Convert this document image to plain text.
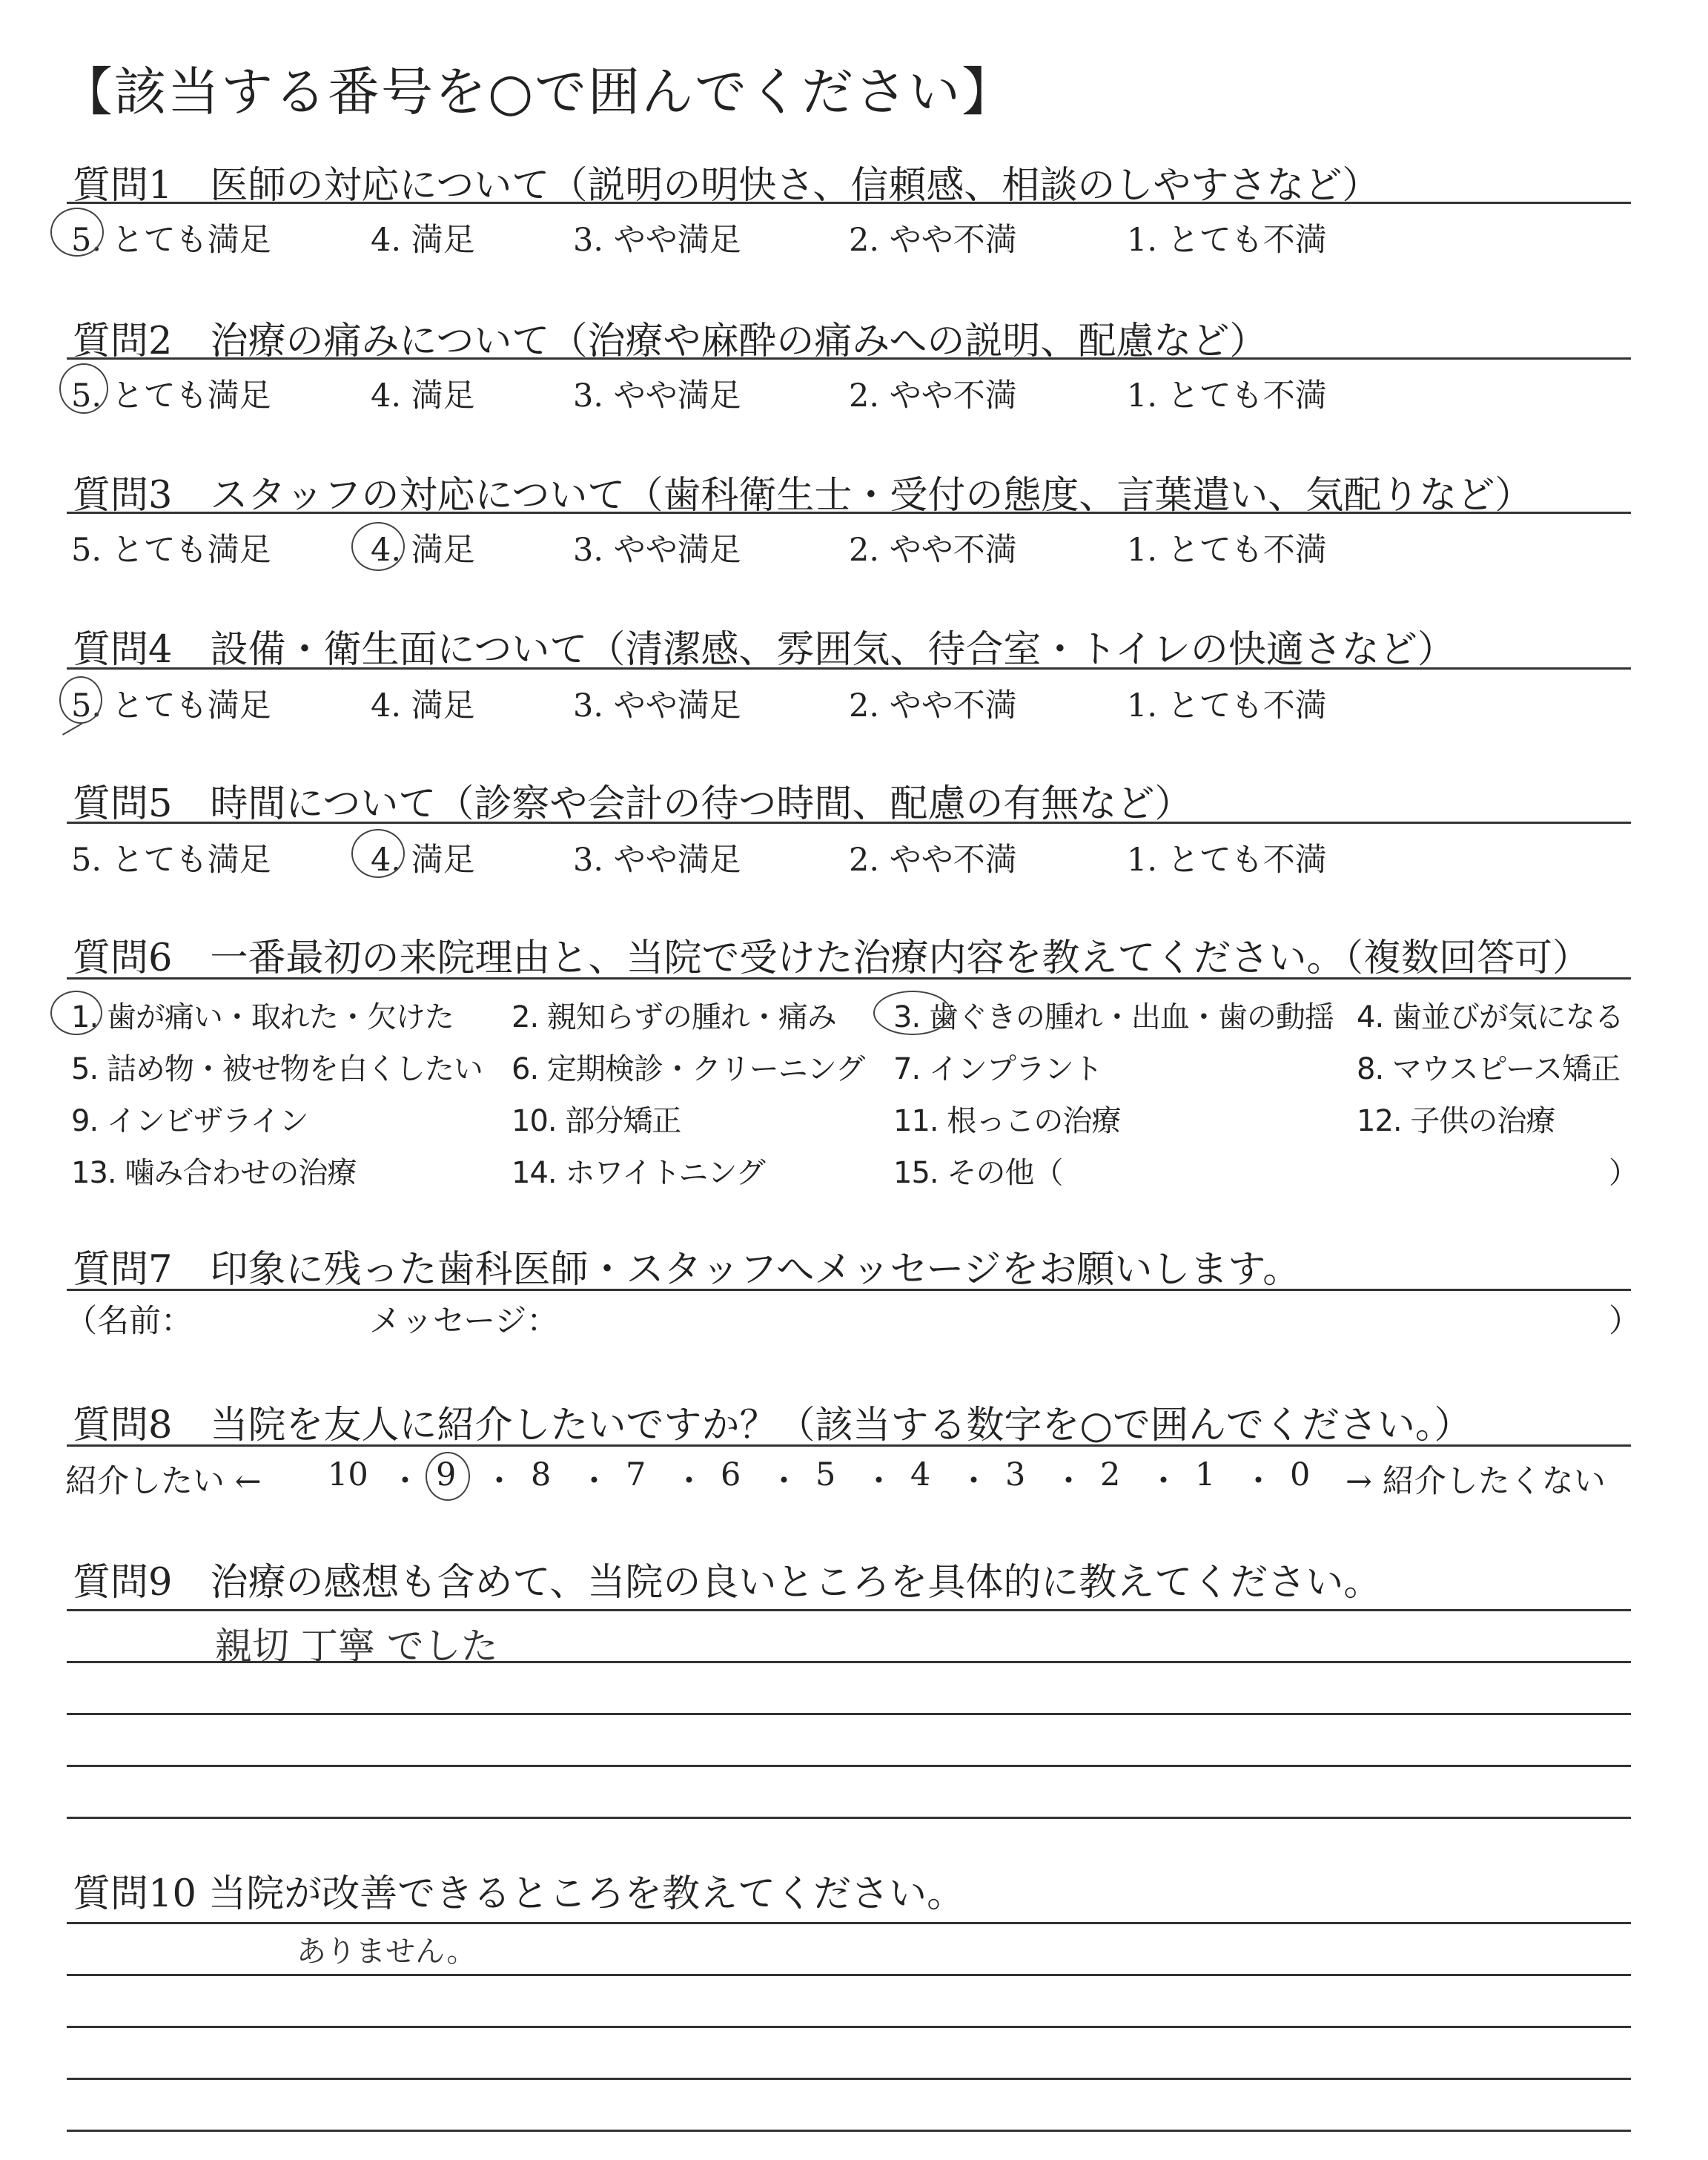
【該当する番号を○で囲んでください】
質問1　医師の対応について（説明の明快さ、信頼感、相談のしやすさなど）
5. とても満足	4. 満足	3. やや満足	2. やや不満	1. とても不満
質問2　治療の痛みについて（治療や麻酔の痛みへの説明、配慮など）
5. とても満足	4. 満足	3. やや満足	2. やや不満	1. とても不満
質問3　スタッフの対応について（歯科衛生士・受付の態度、言葉遣い、気配りなど）
5. とても満足	4. 満足	3. やや満足	2. やや不満	1. とても不満
質問4　設備・衛生面について（清潔感、雰囲気、待合室・トイレの快適さなど）
5. とても満足	4. 満足	3. やや満足	2. やや不満	1. とても不満
質問5　時間について（診察や会計の待つ時間、配慮の有無など）
5. とても満足	4. 満足	3. やや満足	2. やや不満	1. とても不満
質問6　一番最初の来院理由と、当院で受けた治療内容を教えてください。（複数回答可）
1. 歯が痛い・取れた・欠けた 2. 親知らずの腫れ・痛み 3. 歯ぐきの腫れ・出血・歯の動揺 4. 歯並びが気になる
5. 詰め物・被せ物を白くしたい 6. 定期検診・クリーニング 7. インプラント	8. マウスピース矯正
9. インビザライン	10. 部分矯正	11. 根っこの治療	12. 子供の治療
13. 噛み合わせの治療	14. ホワイトニング	15. その他（	）
質問7　印象に残った歯科医師・スタッフへメッセージをお願いします。
（名前：	メッセージ：	）
質問8　当院を友人に紹介したいですか？（該当する数字を○で囲んでください。）
紹介したい ← 10 ・ 9 ・ 8 ・ 7 ・ 6 ・ 5 ・ 4 ・ 3 ・ 2 ・ 1 ・ 0 → 紹介したくない
質問9　治療の感想も含めて、当院の良いところを具体的に教えてください。
親切 丁寧 でした
質問10 当院が改善できるところを教えてください。
ありません。
